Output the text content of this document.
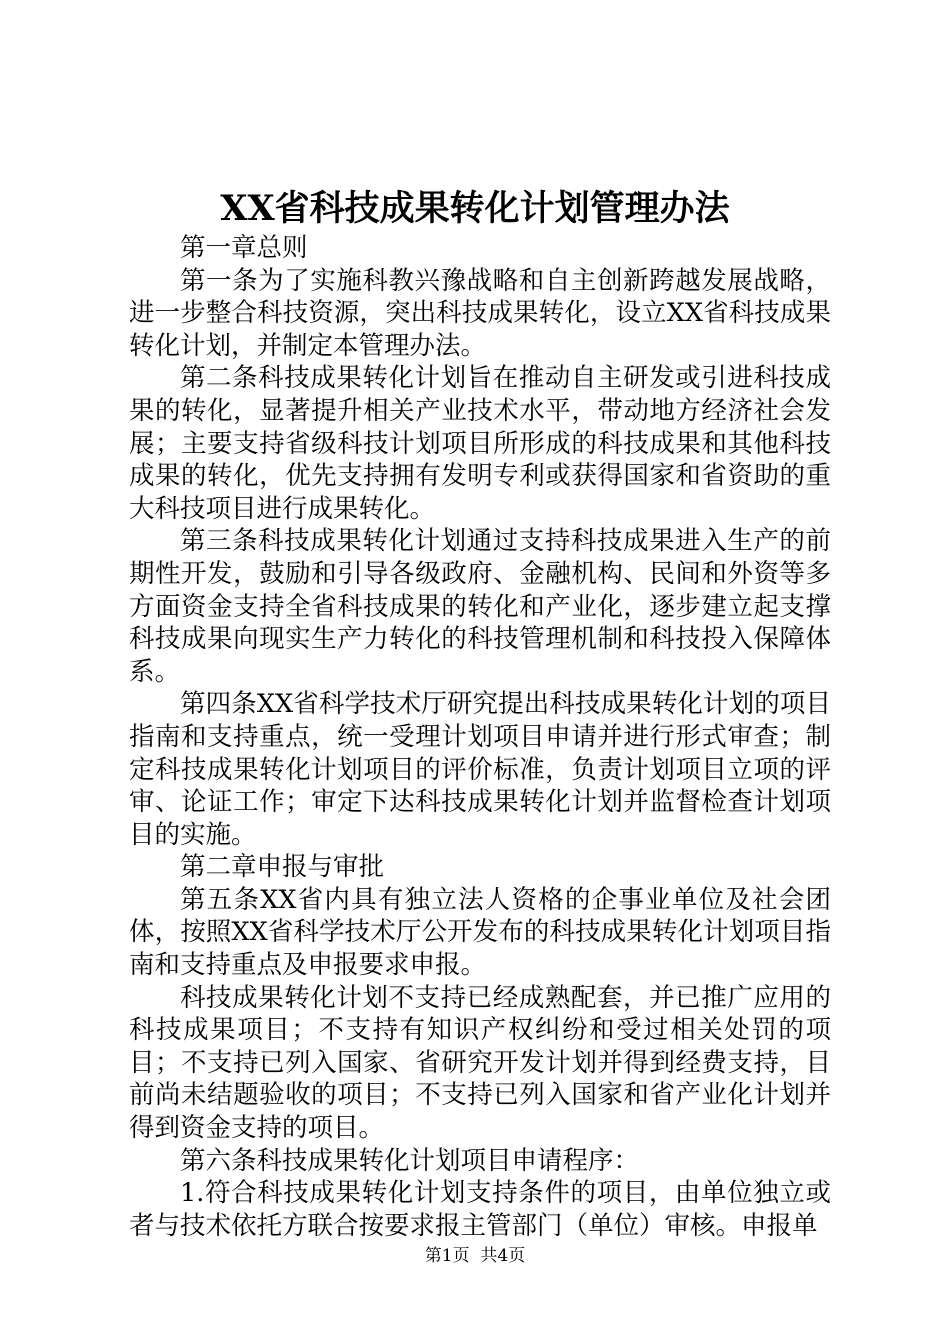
XX省科技成果转化计划管理办法

第一章总则

第一条为了实施科教兴豫战略和自主创新跨越发展战略，进一步整合科技资源，突出科技成果转化，设立XX省科技成果转化计划，并制定本管理办法。

第二条科技成果转化计划旨在推动自主研发或引进科技成果的转化，显著提升相关产业技术水平，带动地方经济社会发展；主要支持省级科技计划项目所形成的科技成果和其他科技成果的转化，优先支持拥有发明专利或获得国家和省资助的重大科技项目进行成果转化。

第三条科技成果转化计划通过支持科技成果进入生产的前期性开发，鼓励和引导各级政府、金融机构、民间和外资等多方面资金支持全省科技成果的转化和产业化，逐步建立起支撑科技成果向现实生产力转化的科技管理机制和科技投入保障体系。

第四条XX省科学技术厅研究提出科技成果转化计划的项目指南和支持重点，统一受理计划项目申请并进行形式审查；制定科技成果转化计划项目的评价标准，负责计划项目立项的评审、论证工作；审定下达科技成果转化计划并监督检查计划项目的实施。

第二章申报与审批

第五条XX省内具有独立法人资格的企事业单位及社会团体，按照XX省科学技术厅公开发布的科技成果转化计划项目指南和支持重点及申报要求申报。

科技成果转化计划不支持已经成熟配套，并已推广应用的科技成果项目；不支持有知识产权纠纷和受过相关处罚的项目；不支持已列入国家、省研究开发计划并得到经费支持，目前尚未结题验收的项目；不支持已列入国家和省产业化计划并得到资金支持的项目。

第六条科技成果转化计划项目申请程序：

1.符合科技成果转化计划支持条件的项目，由单位独立或者与技术依托方联合按要求报主管部门（单位）审核。申报单

第1页 共4页
